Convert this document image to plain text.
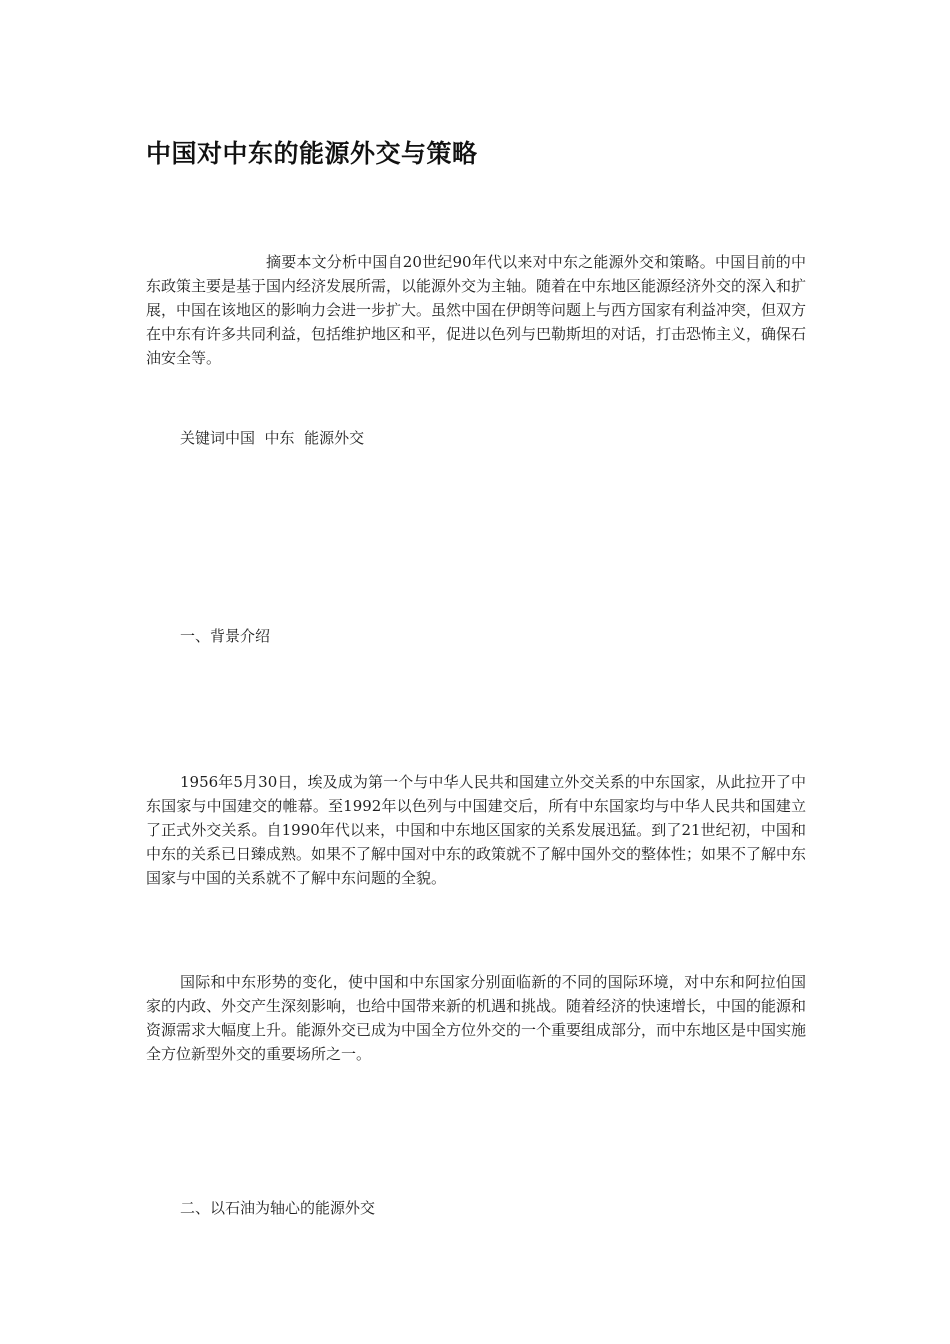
中国对中东的能源外交与策略
摘要本文分析中国自20世纪90年代以来对中东之能源外交和策略。中国目前的中东政策主要是基于国内经济发展所需，以能源外交为主轴。随着在中东地区能源经济外交的深入和扩展，中国在该地区的影响力会进一步扩大。虽然中国在伊朗等问题上与西方国家有利益冲突，但双方在中东有许多共同利益，包括维护地区和平，促进以色列与巴勒斯坦的对话，打击恐怖主义，确保石油安全等。
关键词中国  中东  能源外交
一、背景介绍
1956年5月30日，埃及成为第一个与中华人民共和国建立外交关系的中东国家，从此拉开了中东国家与中国建交的帷幕。至1992年以色列与中国建交后，所有中东国家均与中华人民共和国建立了正式外交关系。自1990年代以来，中国和中东地区国家的关系发展迅猛。到了21世纪初，中国和中东的关系已日臻成熟。如果不了解中国对中东的政策就不了解中国外交的整体性；如果不了解中东国家与中国的关系就不了解中东问题的全貌。
国际和中东形势的变化，使中国和中东国家分别面临新的不同的国际环境，对中东和阿拉伯国家的内政、外交产生深刻影响，也给中国带来新的机遇和挑战。随着经济的快速增长，中国的能源和资源需求大幅度上升。能源外交已成为中国全方位外交的一个重要组成部分，而中东地区是中国实施全方位新型外交的重要场所之一。
二、以石油为轴心的能源外交
